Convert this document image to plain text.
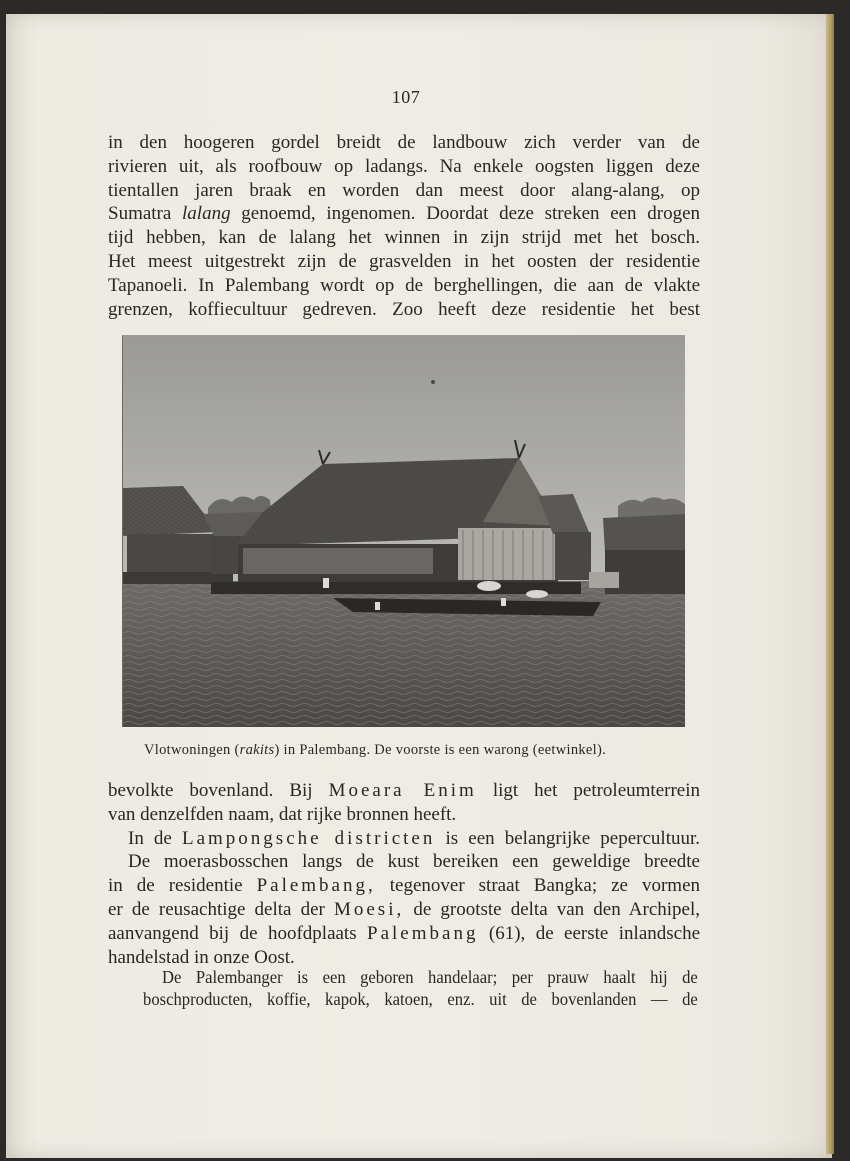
107
in den hoogeren gordel breidt de landbouw zich verder van de
rivieren uit, als roofbouw op ladangs. Na enkele oogsten liggen deze
tientallen jaren braak en worden dan meest door alang-alang, op
Sumatra lalang genoemd, ingenomen. Doordat deze streken een drogen
tijd hebben, kan de lalang het winnen in zijn strijd met het bosch.
Het meest uitgestrekt zijn de grasvelden in het oosten der residentie
Tapanoeli. In Palembang wordt op de berghellingen, die aan de vlakte
grenzen, koffiecultuur gedreven. Zoo heeft deze residentie het best
Vlotwoningen (rakits) in Palembang. De voorste is een warong (eetwinkel).
bevolkte bovenland. Bij Moeara Enim ligt het petroleumterrein
van denzelfden naam, dat rijke bronnen heeft.
In de Lampongsche districten is een belangrijke pepercultuur.
De moerasbosschen langs de kust bereiken een geweldige breedte
in de residentie Palembang, tegenover straat Bangka; ze vormen
er de reusachtige delta der Moesi, de grootste delta van den Archipel,
aanvangend bij de hoofdplaats Palembang (61), de eerste inlandsche
handelstad in onze Oost.
De Palembanger is een geboren handelaar; per prauw haalt hij de
boschproducten, koffie, kapok, katoen, enz. uit de bovenlanden — de
